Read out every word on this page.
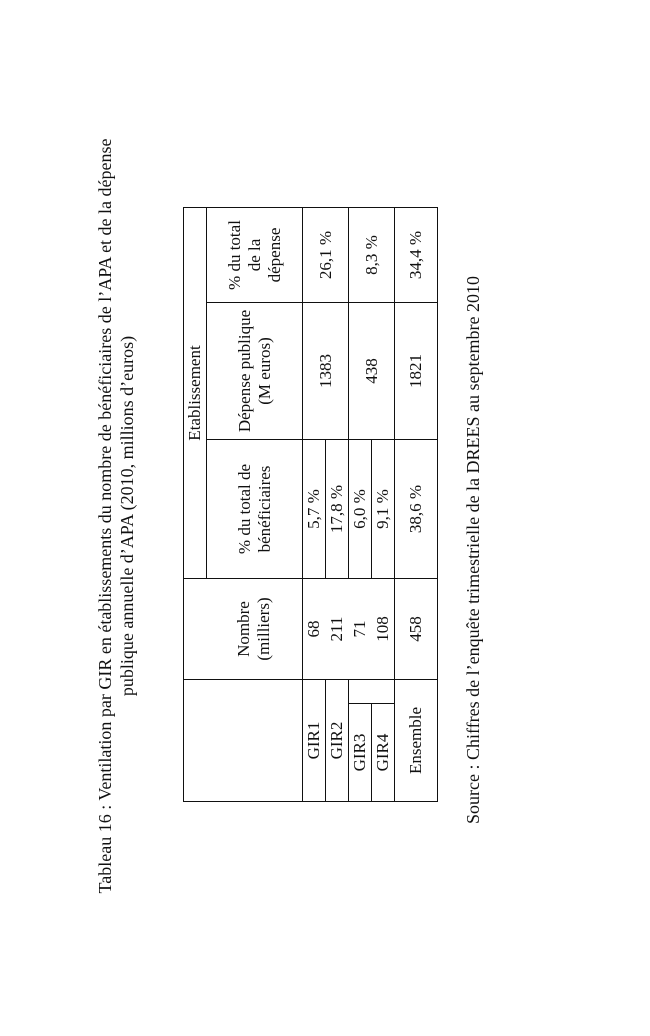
Tableau 16 : Ventilation par GIR en établissements du nombre de bénéficiaires de l’APA et de la dépense publique annuelle d’APA (2010, millions d’euros)
			Etablissement		
		Nombre (milliers)	% du total de bénéficiaires	Dépense publique (M euros)	% du total de la dépense
GIR1		68	5,7 %	1383	26,1 %
GIR2		211	17,8 %		
GIR3		71	6,0 %	438	8,3 %
GIR4		108	9,1 %		
Ensemble		458	38,6 %	1821	34,4 %
Source : Chiffres de l’enquête trimestrielle de la DREES au septembre 2010
